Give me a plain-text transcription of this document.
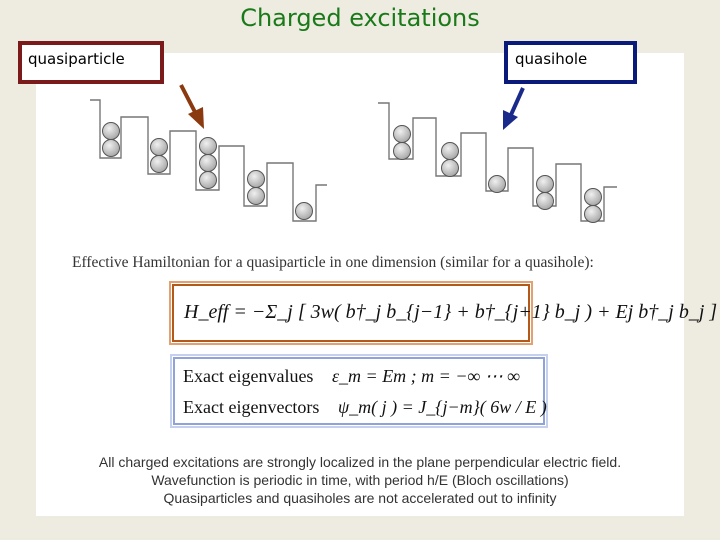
Charged excitations
quasiparticle	quasihole
Effective Hamiltonian for a quasiparticle in one dimension (similar for a quasihole):
H_eff = −Σ_j [ 3w( b†_j b_{j−1} + b†_{j+1} b_j ) + Ej b†_j b_j ]
Exact eigenvalues ε_m = Em ; m = −∞ ⋯ ∞
Exact eigenvectors ψ_m( j ) = J_{j−m}( 6w / E )
All charged excitations are strongly localized in the plane perpendicular electric field.
Wavefunction is periodic in time, with period h/E (Bloch oscillations)
Quasiparticles and quasiholes are not accelerated out to infinity
